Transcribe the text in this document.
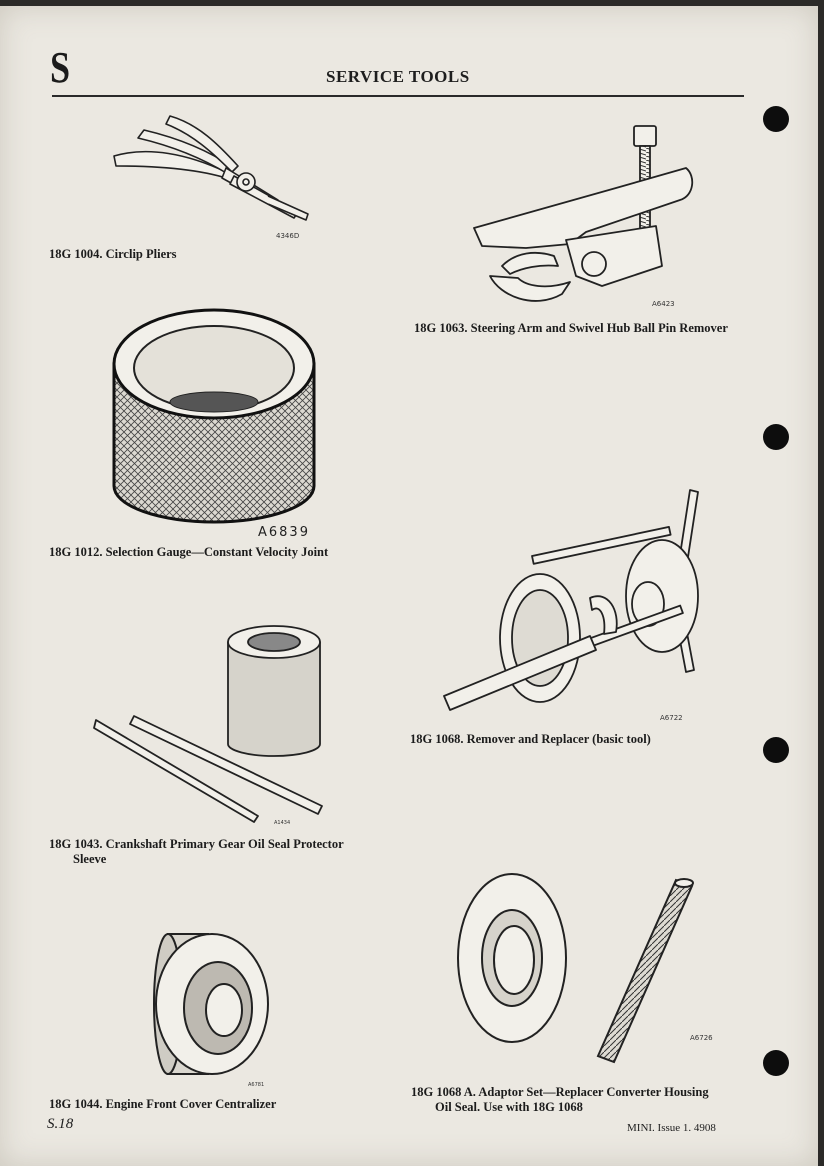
S	SERVICE TOOLS
4346D
18G 1004. Circlip Pliers
A6423
18G 1063. Steering Arm and Swivel Hub Ball Pin Remover
A6839
18G 1012. Selection Gauge—Constant Velocity Joint
A6722
18G 1068. Remover and Replacer (basic tool)
A1434
18G 1043. Crankshaft Primary Gear Oil Seal Protector
Sleeve
A6781
18G 1044. Engine Front Cover Centralizer
A6726
18G 1068 A. Adaptor Set—Replacer Converter Housing
Oil Seal. Use with 18G 1068
S.18	MINI. Issue 1. 4908
